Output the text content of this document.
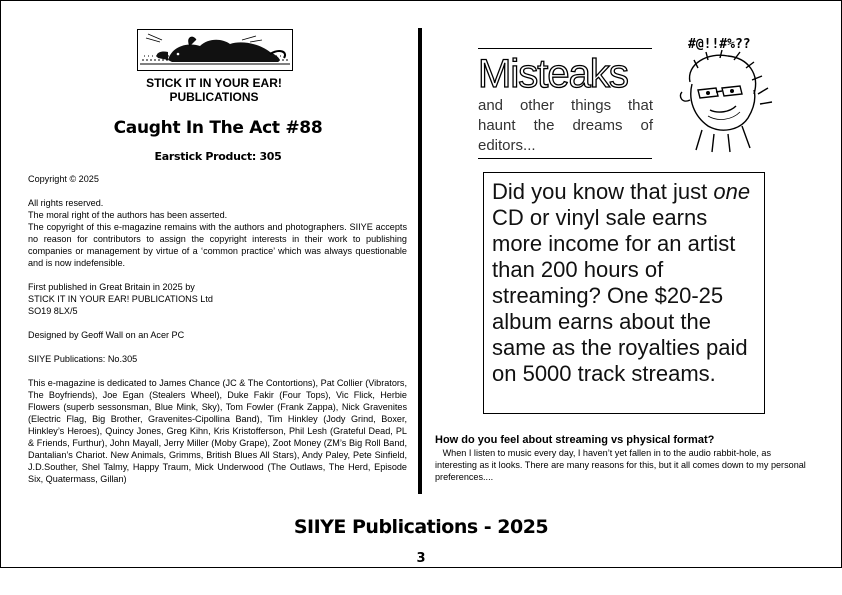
STICK IT IN YOUR EAR! PUBLICATIONS
Caught In The Act #88
Earstick Product: 305

Copyright © 2025

All rights reserved.

The moral right of the authors has been asserted.

The copyright of this e-magazine remains with the authors and photographers. SIIYE accepts no reason for contributors to assign the copyright interests in their work to publishing companies or management by virtue of a ‘common practice’ which was always questionable and is now indefensible.

First published in Great Britain in 2025 by

STICK IT IN YOUR EAR! PUBLICATIONS Ltd

SO19 8LX/5

Designed by Geoff Wall on an Acer PC

SIIYE Publications: No.305

This e-magazine is dedicated to James Chance (JC & The Contortions), Pat Collier (Vibrators, The Boyfriends), Joe Egan (Stealers Wheel), Duke Fakir (Four Tops), Vic Flick, Herbie Flowers (superb sessonsman, Blue Mink, Sky), Tom Fowler (Frank Zappa), Nick Gravenites (Electric Flag, Big Brother, Gravenites-Cipollina Band), Tim Hinkley (Jody Grind, Boxer, Hinkley’s Heroes), Quincy Jones, Greg Kihn, Kris Kristofferson, Phil Lesh (Grateful Dead, PL & Friends, Furthur), John Mayall, Jerry Miller (Moby Grape), Zoot Money (ZM’s Big Roll Band, Dantalian’s Chariot. New Animals, Grimms, British Blues All Stars), Andy Paley, Pete Sinfield, J.D.Souther, Shel Talmy, Happy Traum, Mick Underwood (The Outlaws, The Herd, Episode Six, Quatermass, Gillan)

Misteaks
and other things that haunt the dreams of editors...
#@!!#%??
Did you know that just one CD or vinyl sale earns more income for an artist than 200 hours of streaming? One $20-25 album earns about the same as the royalties paid on 5000 track streams.
How do you feel about streaming vs physical format?
When I listen to music every day, I haven’t yet fallen in to the audio rabbit-hole, as interesting as it looks. There are many reasons for this, but it all comes down to my personal preferences....
SIIYE Publications - 2025
3
